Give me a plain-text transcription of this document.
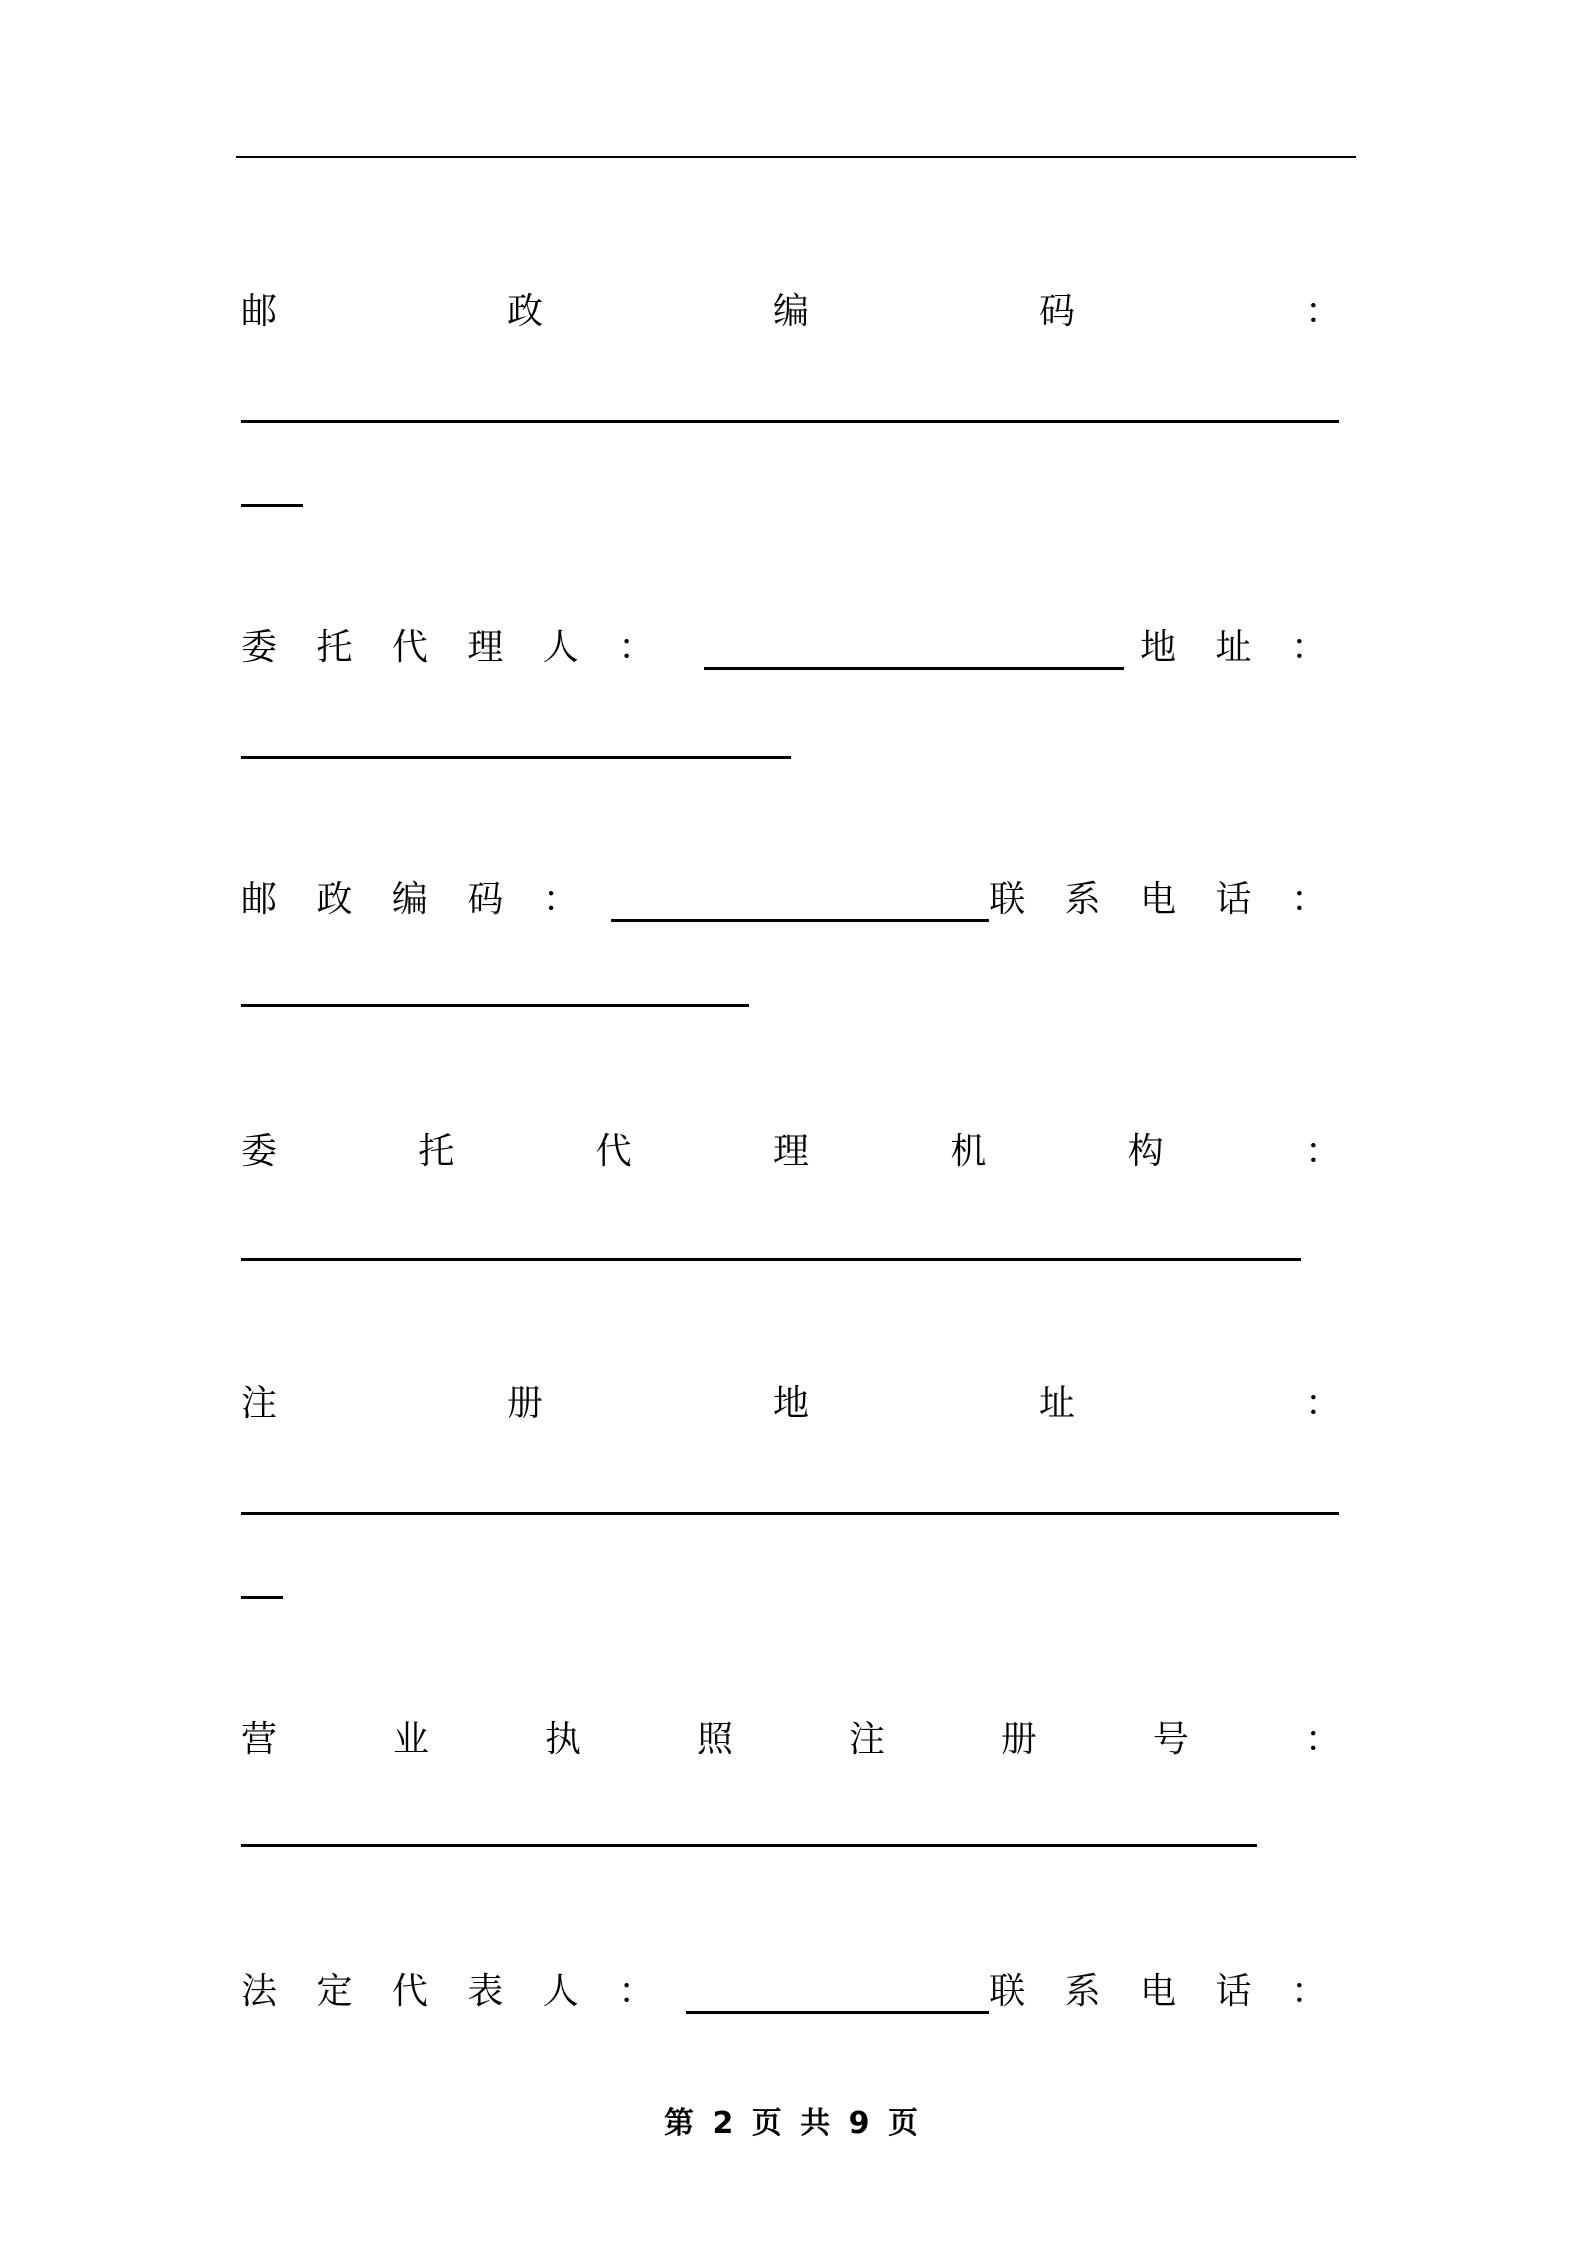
邮	政	编	码	：
委 托 代 理 人 ：	地 址 ：
邮 政 编 码 ：	联 系 电 话 ：
委	托	代	理	机	构	：
注	册	地	址	：
营	业	执	照	注	册	号	：
法 定 代 表 人 ：	联 系 电 话 ：
第 2 页 共 9 页
